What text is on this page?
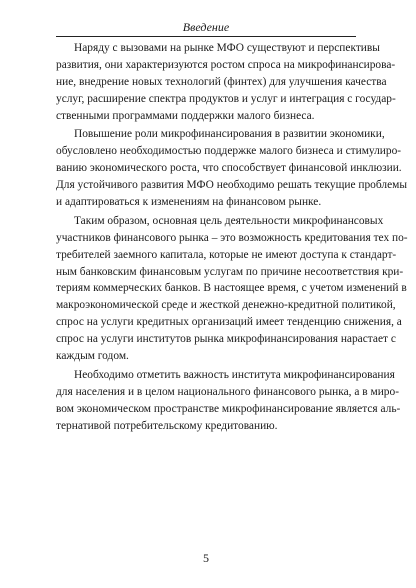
Введение
Наряду с вызовами на рынке МФО существуют и перспективы
развития, они характеризуются ростом спроса на микрофинансирова-
ние, внедрение новых технологий (финтех) для улучшения качества
услуг, расширение спектра продуктов и услуг и интеграция с государ-
ственными программами поддержки малого бизнеса.
Повышение роли микрофинансирования в развитии экономики,
обусловлено необходимостью поддержке малого бизнеса и стимулиро-
ванию экономического роста, что способствует финансовой инклюзии.
Для устойчивого развития МФО необходимо решать текущие проблемы
и адаптироваться к изменениям на финансовом рынке.
Таким образом, основная цель деятельности микрофинансовых
участников финансового рынка – это возможность кредитования тех по-
требителей заемного капитала, которые не имеют доступа к стандарт-
ным банковским финансовым услугам по причине несоответствия кри-
териям коммерческих банков. В настоящее время, с учетом изменений в
макроэкономической среде и жесткой денежно-кредитной политикой,
спрос на услуги кредитных организаций имеет тенденцию снижения, а
спрос на услуги институтов рынка микрофинансирования нарастает с
каждым годом.
Необходимо отметить важность института микрофинансирования
для населения и в целом национального финансового рынка, а в миро-
вом экономическом пространстве микрофинансирование является аль-
тернативой потребительскому кредитованию.
5
